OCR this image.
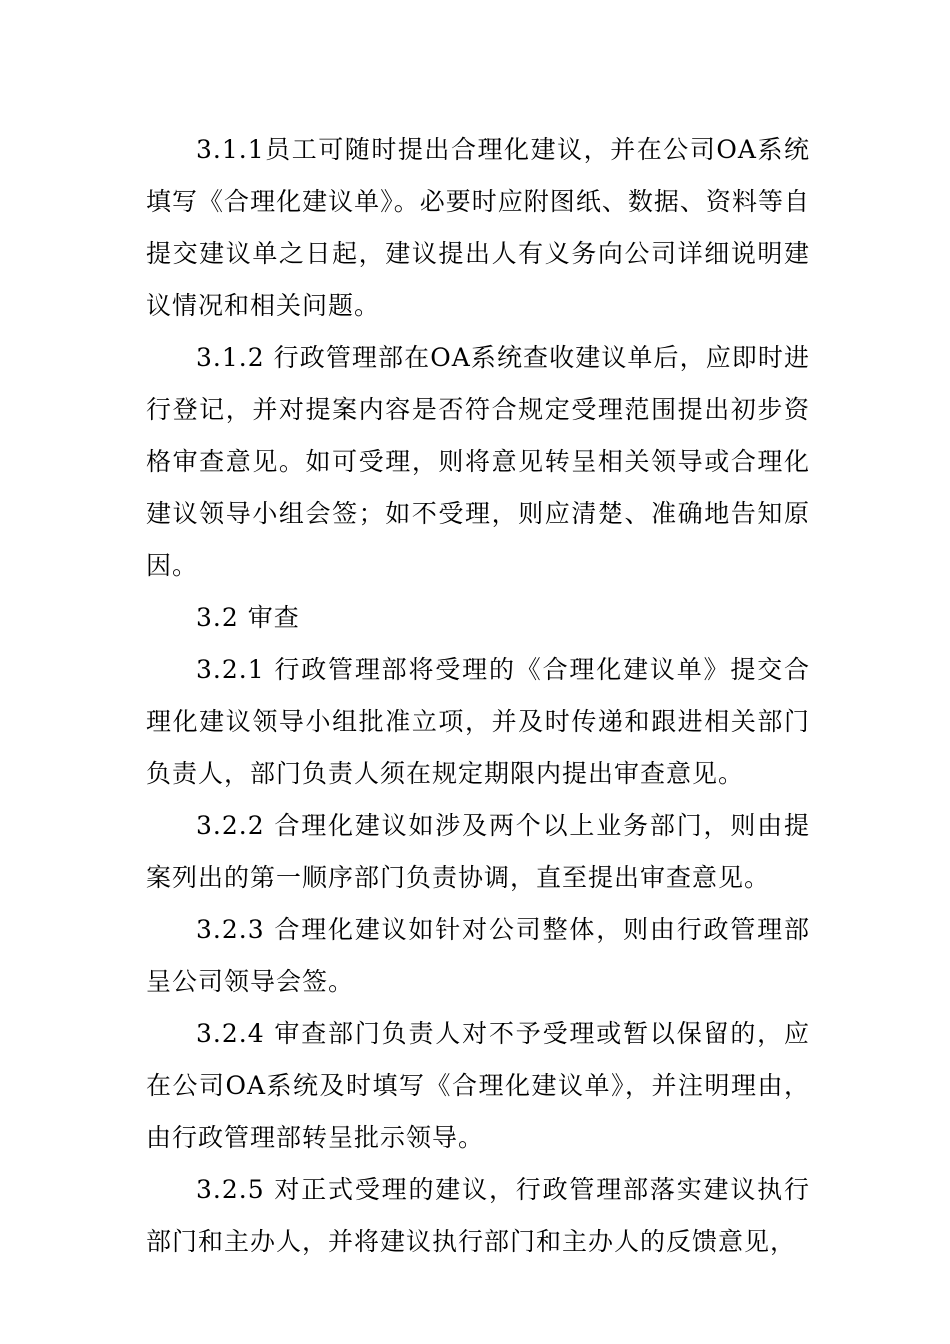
3.1.1员工可随时提出合理化建议，并在公司OA系统填写《合理化建议单》。必要时应附图纸、数据、资料等自提交建议单之日起，建议提出人有义务向公司详细说明建议情况和相关问题。

3.1.2 行政管理部在OA系统查收建议单后，应即时进行登记，并对提案内容是否符合规定受理范围提出初步资格审查意见。如可受理，则将意见转呈相关领导或合理化建议领导小组会签；如不受理，则应清楚、准确地告知原因。

3.2 审查

3.2.1 行政管理部将受理的《合理化建议单》提交合理化建议领导小组批准立项，并及时传递和跟进相关部门负责人，部门负责人须在规定期限内提出审查意见。

3.2.2 合理化建议如涉及两个以上业务部门，则由提案列出的第一顺序部门负责协调，直至提出审查意见。

3.2.3 合理化建议如针对公司整体，则由行政管理部呈公司领导会签。

3.2.4 审查部门负责人对不予受理或暂以保留的，应在公司OA系统及时填写《合理化建议单》，并注明理由，由行政管理部转呈批示领导。

3.2.5 对正式受理的建议，行政管理部落实建议执行部门和主办人，并将建议执行部门和主办人的反馈意见，
